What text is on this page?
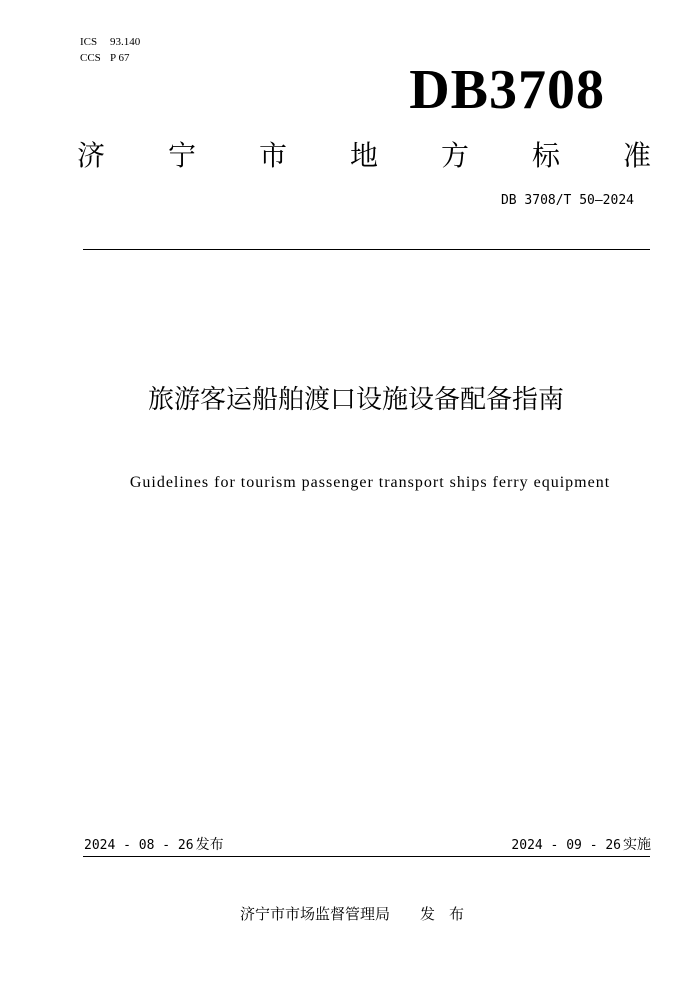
ICS 93.140
CCS P 67
DB3708
济 宁 市 地 方 标 准
DB 3708/T 50—2024
旅游客运船舶渡口设施设备配备指南
Guidelines for tourism passenger transport ships ferry equipment
2024 - 08 - 26 发布	2024 - 09 - 26 实施
济宁市市场监督管理局 发布
